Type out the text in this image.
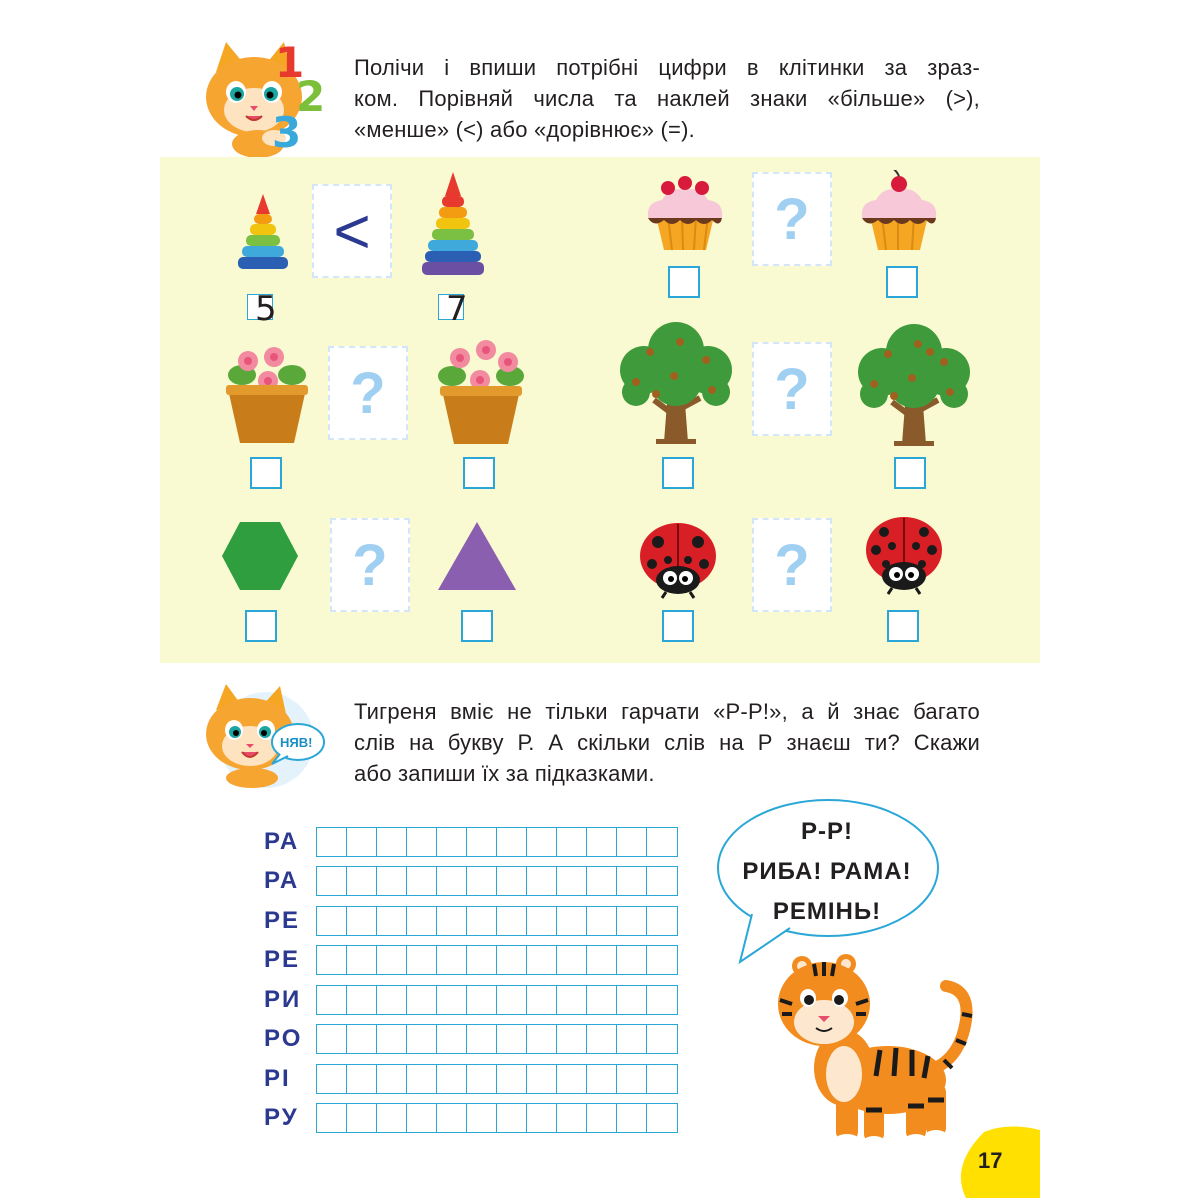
1
2
3
Полічи і впиши потрібні цифри в клітинки за зраз-
ком. Порівняй числа та наклей знаки «більше» (>),
«менше» (<) або «дорівнює» (=).
<
5	7
?
?	?
?	?
НЯВ!
Тигреня вміє не тільки гарчати «Р-Р!», а й знає багато
слів на букву Р. А скільки слів на Р знаєш ти? Скажи
або запиши їх за підказками.
РА
РА
РЕ
РЕ
РИ
РО
РІ
РУ
Р-Р!
РИБА! РАМА!
РЕМІНЬ!
17
